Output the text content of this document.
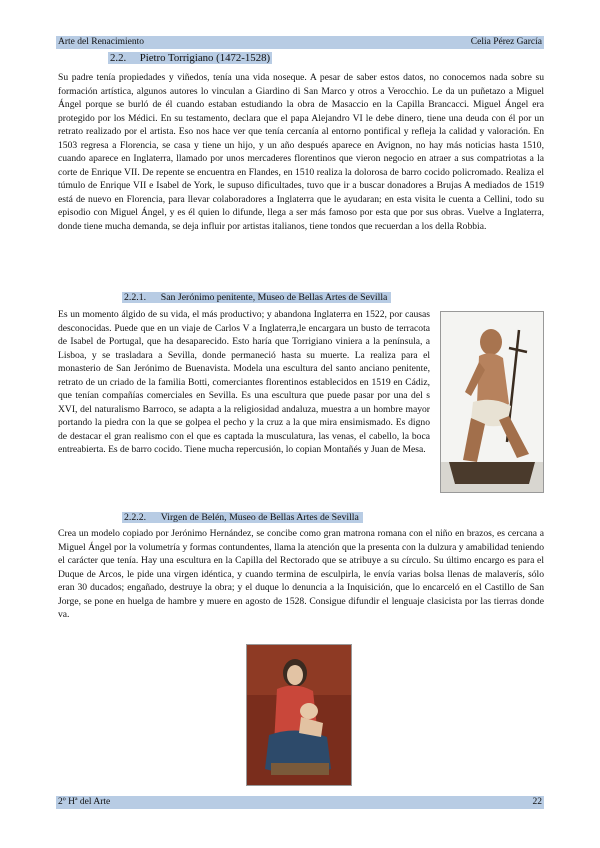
Arte del Renacimiento	Celia Pérez García
2.2. Pietro Torrigiano (1472-1528)

Su padre tenía propiedades y viñedos, tenía una vida noseque. A pesar de saber estos datos, no conocemos nada sobre su formación artística, algunos autores lo vinculan a Giardino di San Marco y otros a Verocchio. Le da un puñetazo a Miguel Ángel porque se burló de él cuando estaban estudiando la obra de Masaccio en la Capilla Brancacci. Miguel Ángel era protegido por los Médici. En su testamento, declara que el papa Alejandro VI le debe dinero, tiene una deuda con él por un retrato realizado por el artista. Eso nos hace ver que tenía cercanía al entorno pontifical y refleja la calidad y valoración. En 1503 regresa a Florencia, se casa y tiene un hijo, y un año después aparece en Avignon, no hay más noticias hasta 1510, cuando aparece en Inglaterra, llamado por unos mercaderes florentinos que vieron negocio en atraer a sus compatriotas a la corte de Enrique VII. De repente se encuentra en Flandes, en 1510 realiza la dolorosa de barro cocido policromado. Realiza el túmulo de Enrique VII e Isabel de York, le supuso dificultades, tuvo que ir a buscar donadores a Brujas A mediados de 1519 está de nuevo en Florencia, para llevar colaboradores a Inglaterra que le ayudaran; en esta visita le cuenta a Cellini, todo su episodio con Miguel Ángel, y es él quien lo difunde, llega a ser más famoso por esta que por sus obras. Vuelve a Inglaterra, donde tiene mucha demanda, se deja influir por artistas italianos, tiene tondos que recuerdan a los della Robbia.

2.2.1. San Jerónimo penitente, Museo de Bellas Artes de Sevilla

Es un momento álgido de su vida, el más productivo; y abandona Inglaterra en 1522, por causas desconocidas. Puede que en un viaje de Carlos V a Inglaterra,le encargara un busto de terracota de Isabel de Portugal, que ha desaparecido. Esto haría que Torrigiano viniera a la península, a Lisboa, y se trasladara a Sevilla, donde permaneció hasta su muerte. La realiza para el monasterio de San Jerónimo de Buenavista. Modela una escultura del santo anciano penitente, retrato de un criado de la familia Botti, comerciantes florentinos establecidos en 1519 en Cádiz, que tenían compañías comerciales en Sevilla. Es una escultura que puede pasar por una del s XVI, del naturalismo Barroco, se adapta a la religiosidad andaluza, muestra a un hombre mayor portando la piedra con la que se golpea el pecho y la cruz a la que mira ensimismado. Es digno de destacar el gran realismo con el que es captada la musculatura, las venas, el cabello, la boca entreabierta. Es de barro cocido. Tiene mucha repercusión, lo copian Montañés y Juan de Mesa.

2.2.2. Virgen de Belén, Museo de Bellas Artes de Sevilla

Crea un modelo copiado por Jerónimo Hernández, se concibe como gran matrona romana con el niño en brazos, es cercana a Miguel Ángel por la volumetría y formas contundentes, llama la atención que la presenta con la dulzura y amabilidad teniendo el carácter que tenía. Hay una escultura en la Capilla del Rectorado que se atribuye a su círculo. Su último encargo es para el Duque de Arcos, le pide una virgen idéntica, y cuando termina de esculpirla, le envía varias bolsa llenas de malaverís, sólo eran 30 ducados; engañado, destruye la obra; y el duque lo denuncia a la Inquisición, que lo encarceló en el Castillo de San Jorge, se pone en huelga de hambre y muere en agosto de 1528. Consigue difundir el lenguaje clasicista por las tierras donde va.

2º Hª del Arte	22
